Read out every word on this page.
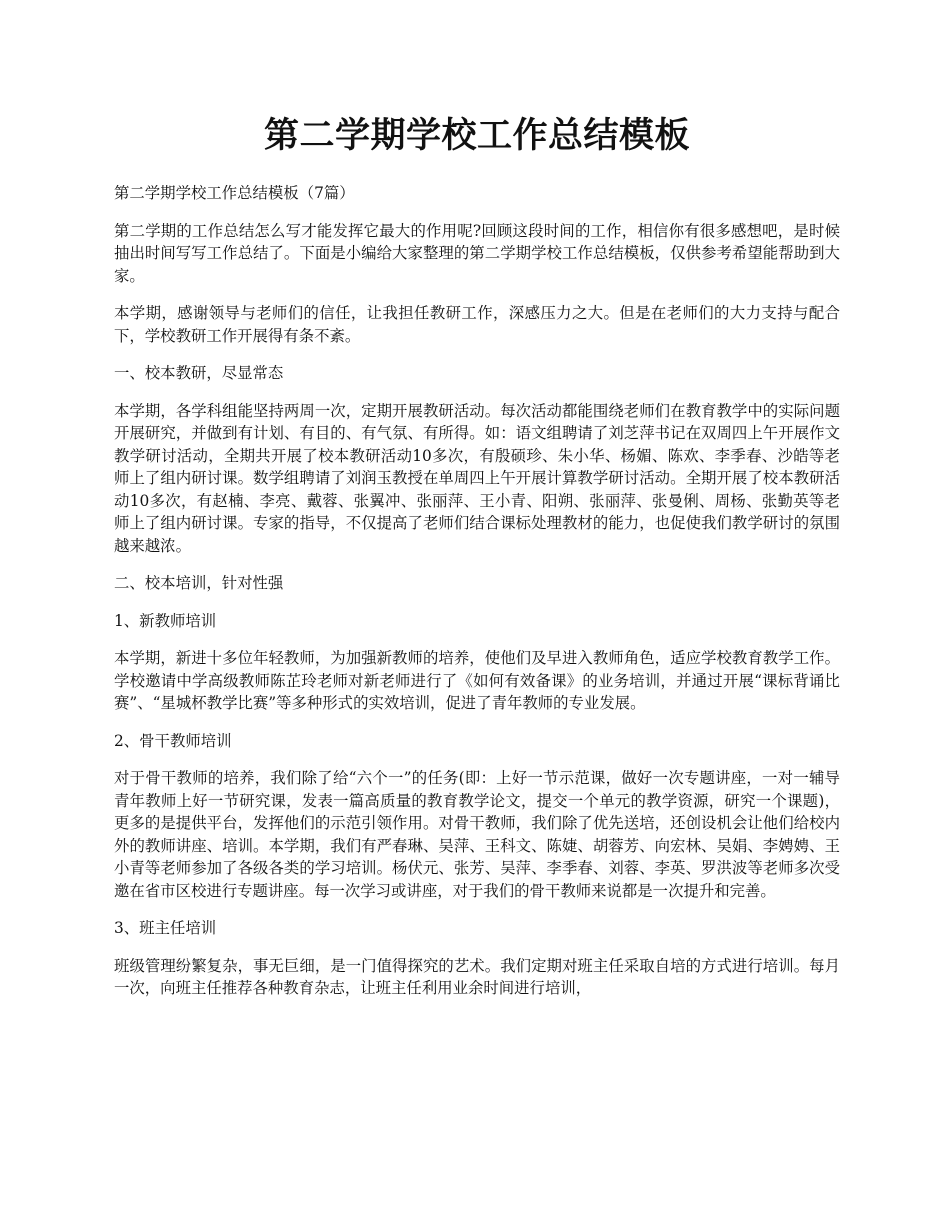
第二学期学校工作总结模板

第二学期学校工作总结模板（7篇）

第二学期的工作总结怎么写才能发挥它最大的作用呢?回顾这段时间的工作，相信你有很多感想吧，是时候抽出时间写写工作总结了。下面是小编给大家整理的第二学期学校工作总结模板，仅供参考希望能帮助到大家。

本学期，感谢领导与老师们的信任，让我担任教研工作，深感压力之大。但是在老师们的大力支持与配合下，学校教研工作开展得有条不紊。

一、校本教研，尽显常态

本学期，各学科组能坚持两周一次，定期开展教研活动。每次活动都能围绕老师们在教育教学中的实际问题开展研究，并做到有计划、有目的、有气氛、有所得。如：语文组聘请了刘芝萍书记在双周四上午开展作文教学研讨活动，全期共开展了校本教研活动10多次，有殷硕珍、朱小华、杨媚、陈欢、李季春、沙皓等老师上了组内研讨课。数学组聘请了刘润玉教授在单周四上午开展计算教学研讨活动。全期开展了校本教研活动10多次，有赵楠、李亮、戴蓉、张翼冲、张丽萍、王小青、阳朔、张丽萍、张曼俐、周杨、张勤英等老师上了组内研讨课。专家的指导，不仅提高了老师们结合课标处理教材的能力，也促使我们教学研讨的氛围越来越浓。

二、校本培训，针对性强

1、新教师培训

本学期，新进十多位年轻教师，为加强新教师的培养，使他们及早进入教师角色，适应学校教育教学工作。学校邀请中学高级教师陈芷玲老师对新老师进行了《如何有效备课》的业务培训，并通过开展“课标背诵比赛”、“星城杯教学比赛”等多种形式的实效培训，促进了青年教师的专业发展。

2、骨干教师培训

对于骨干教师的培养，我们除了给“六个一”的任务(即：上好一节示范课，做好一次专题讲座，一对一辅导青年教师上好一节研究课，发表一篇高质量的教育教学论文，提交一个单元的教学资源，研究一个课题)，更多的是提供平台，发挥他们的示范引领作用。对骨干教师，我们除了优先送培，还创设机会让他们给校内外的教师讲座、培训。本学期，我们有严春琳、吴萍、王科文、陈婕、胡蓉芳、向宏林、吴娟、李娉娉、王小青等老师参加了各级各类的学习培训。杨伏元、张芳、吴萍、李季春、刘蓉、李英、罗洪波等老师多次受邀在省市区校进行专题讲座。每一次学习或讲座，对于我们的骨干教师来说都是一次提升和完善。

3、班主任培训

班级管理纷繁复杂，事无巨细，是一门值得探究的艺术。我们定期对班主任采取自培的方式进行培训。每月一次，向班主任推荐各种教育杂志，让班主任利用业余时间进行培训，
